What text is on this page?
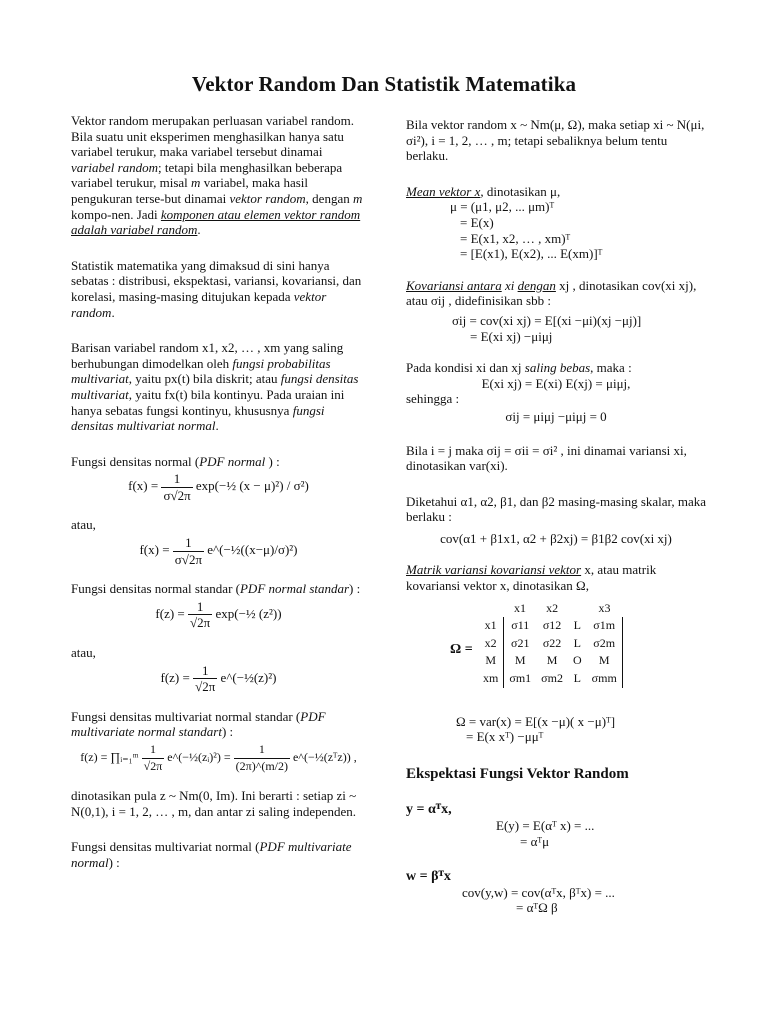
Vektor Random Dan Statistik Matematika

Vektor random merupakan perluasan variabel random. Bila suatu unit eksperimen menghasilkan hanya satu variabel terukur, maka variabel tersebut dinamai variabel random; tetapi bila menghasilkan beberapa variabel terukur, misal m variabel, maka hasil pengukuran terse-but dinamai vektor random, dengan m kompo-nen. Jadi komponen atau elemen vektor random adalah variabel random.

Statistik matematika yang dimaksud di sini hanya sebatas : distribusi, ekspektasi, variansi, kovariansi, dan korelasi, masing-masing ditujukan kepada vektor random.

Barisan variabel random x1, x2, … , xm yang saling berhubungan dimodelkan oleh fungsi probabilitas multivariat, yaitu px(t) bila diskrit; atau fungsi densitas multivariat, yaitu fx(t) bila kontinyu. Pada uraian ini hanya sebatas fungsi kontinyu, khususnya fungsi densitas multivariat normal.

Fungsi densitas normal (PDF normal ) :
$f(x) = \frac{1}{\sigma√2\pi}$ exp(−½ (x − μ)²) / σ²)
atau,
$f(x) = \frac{1}{\sigma√2\pi}$ e^(−½((x−μ)/σ)²)
Fungsi densitas normal standar (PDF normal standar) :
$f(z) = \frac{1}{√2\pi}$ exp(−½ (z²))
atau,
$f(z) = \frac{1}{√2\pi}$ e^(−½(z)²)
Fungsi densitas multivariat normal standar (PDF multivariate normal standart) :
f(z) = ∏ᵢ₌₁ᵐ $\frac{1}{√2\pi}$ e^(−½(zᵢ)²) = $\frac{1}{(2\pi)\^{}(m/2)}$ e^(−½(zᵀz)) ,

dinotasikan pula z ~ Nm(0, Im). Ini berarti : setiap zi ~ N(0,1), i = 1, 2, … , m, dan antar zi saling independen.

Fungsi densitas multivariat normal (PDF multivariate normal) :

Bila vektor random x ~ Nm(μ, Ω), maka setiap xi ~ N(μi, σi²), i = 1, 2, … , m; tetapi sebaliknya belum tentu berlaku.

Mean vektor x, dinotasikan μ,
μ = (μ1, μ2, ... μm)ᵀ
= E(x)
= E(x1, x2, … , xm)ᵀ
= [E(x1), E(x2), ... E(xm)]ᵀ
Kovariansi antara xi dengan xj , dinotasikan cov(xi xj), atau σij , didefinisikan sbb :
σij = cov(xi xj) = E[(xi −μi)(xj −μj)]
= E(xi xj) −μiμj
Pada kondisi xi dan xj saling bebas, maka :
E(xi xj) = E(xi) E(xj) = μiμj,
sehingga :
σij = μiμj −μiμj = 0

Bila i = j maka σij = σii = σi² , ini dinamai variansi xi, dinotasikan var(xi).

Diketahui α1, α2, β1, dan β2 masing-masing skalar, maka berlaku :
cov(α1 + β1x1, α2 + β2xj) = β1β2 cov(xi xj)
Matrik variansi kovariansi vektor x, atau matrik kovariansi vektor x, dinotasikan Ω,
Ω =
	x1	x2		x3
x1	σ11	σ12	L	σ1m
x2	σ21	σ22	L	σ2m
M	M	M	O	M
xm	σm1	σm2	L	σmm
Ω = var(x) = E[(x −μ)( x −μ)ᵀ]
= E(x xᵀ) −μμᵀ
Ekspektasi Fungsi Vektor Random
y = αᵀx,
E(y) = E(αᵀ x) = ...
= αᵀμ
w = βᵀx
cov(y,w) = cov(αᵀx, βᵀx) = ...
= αᵀΩ β
